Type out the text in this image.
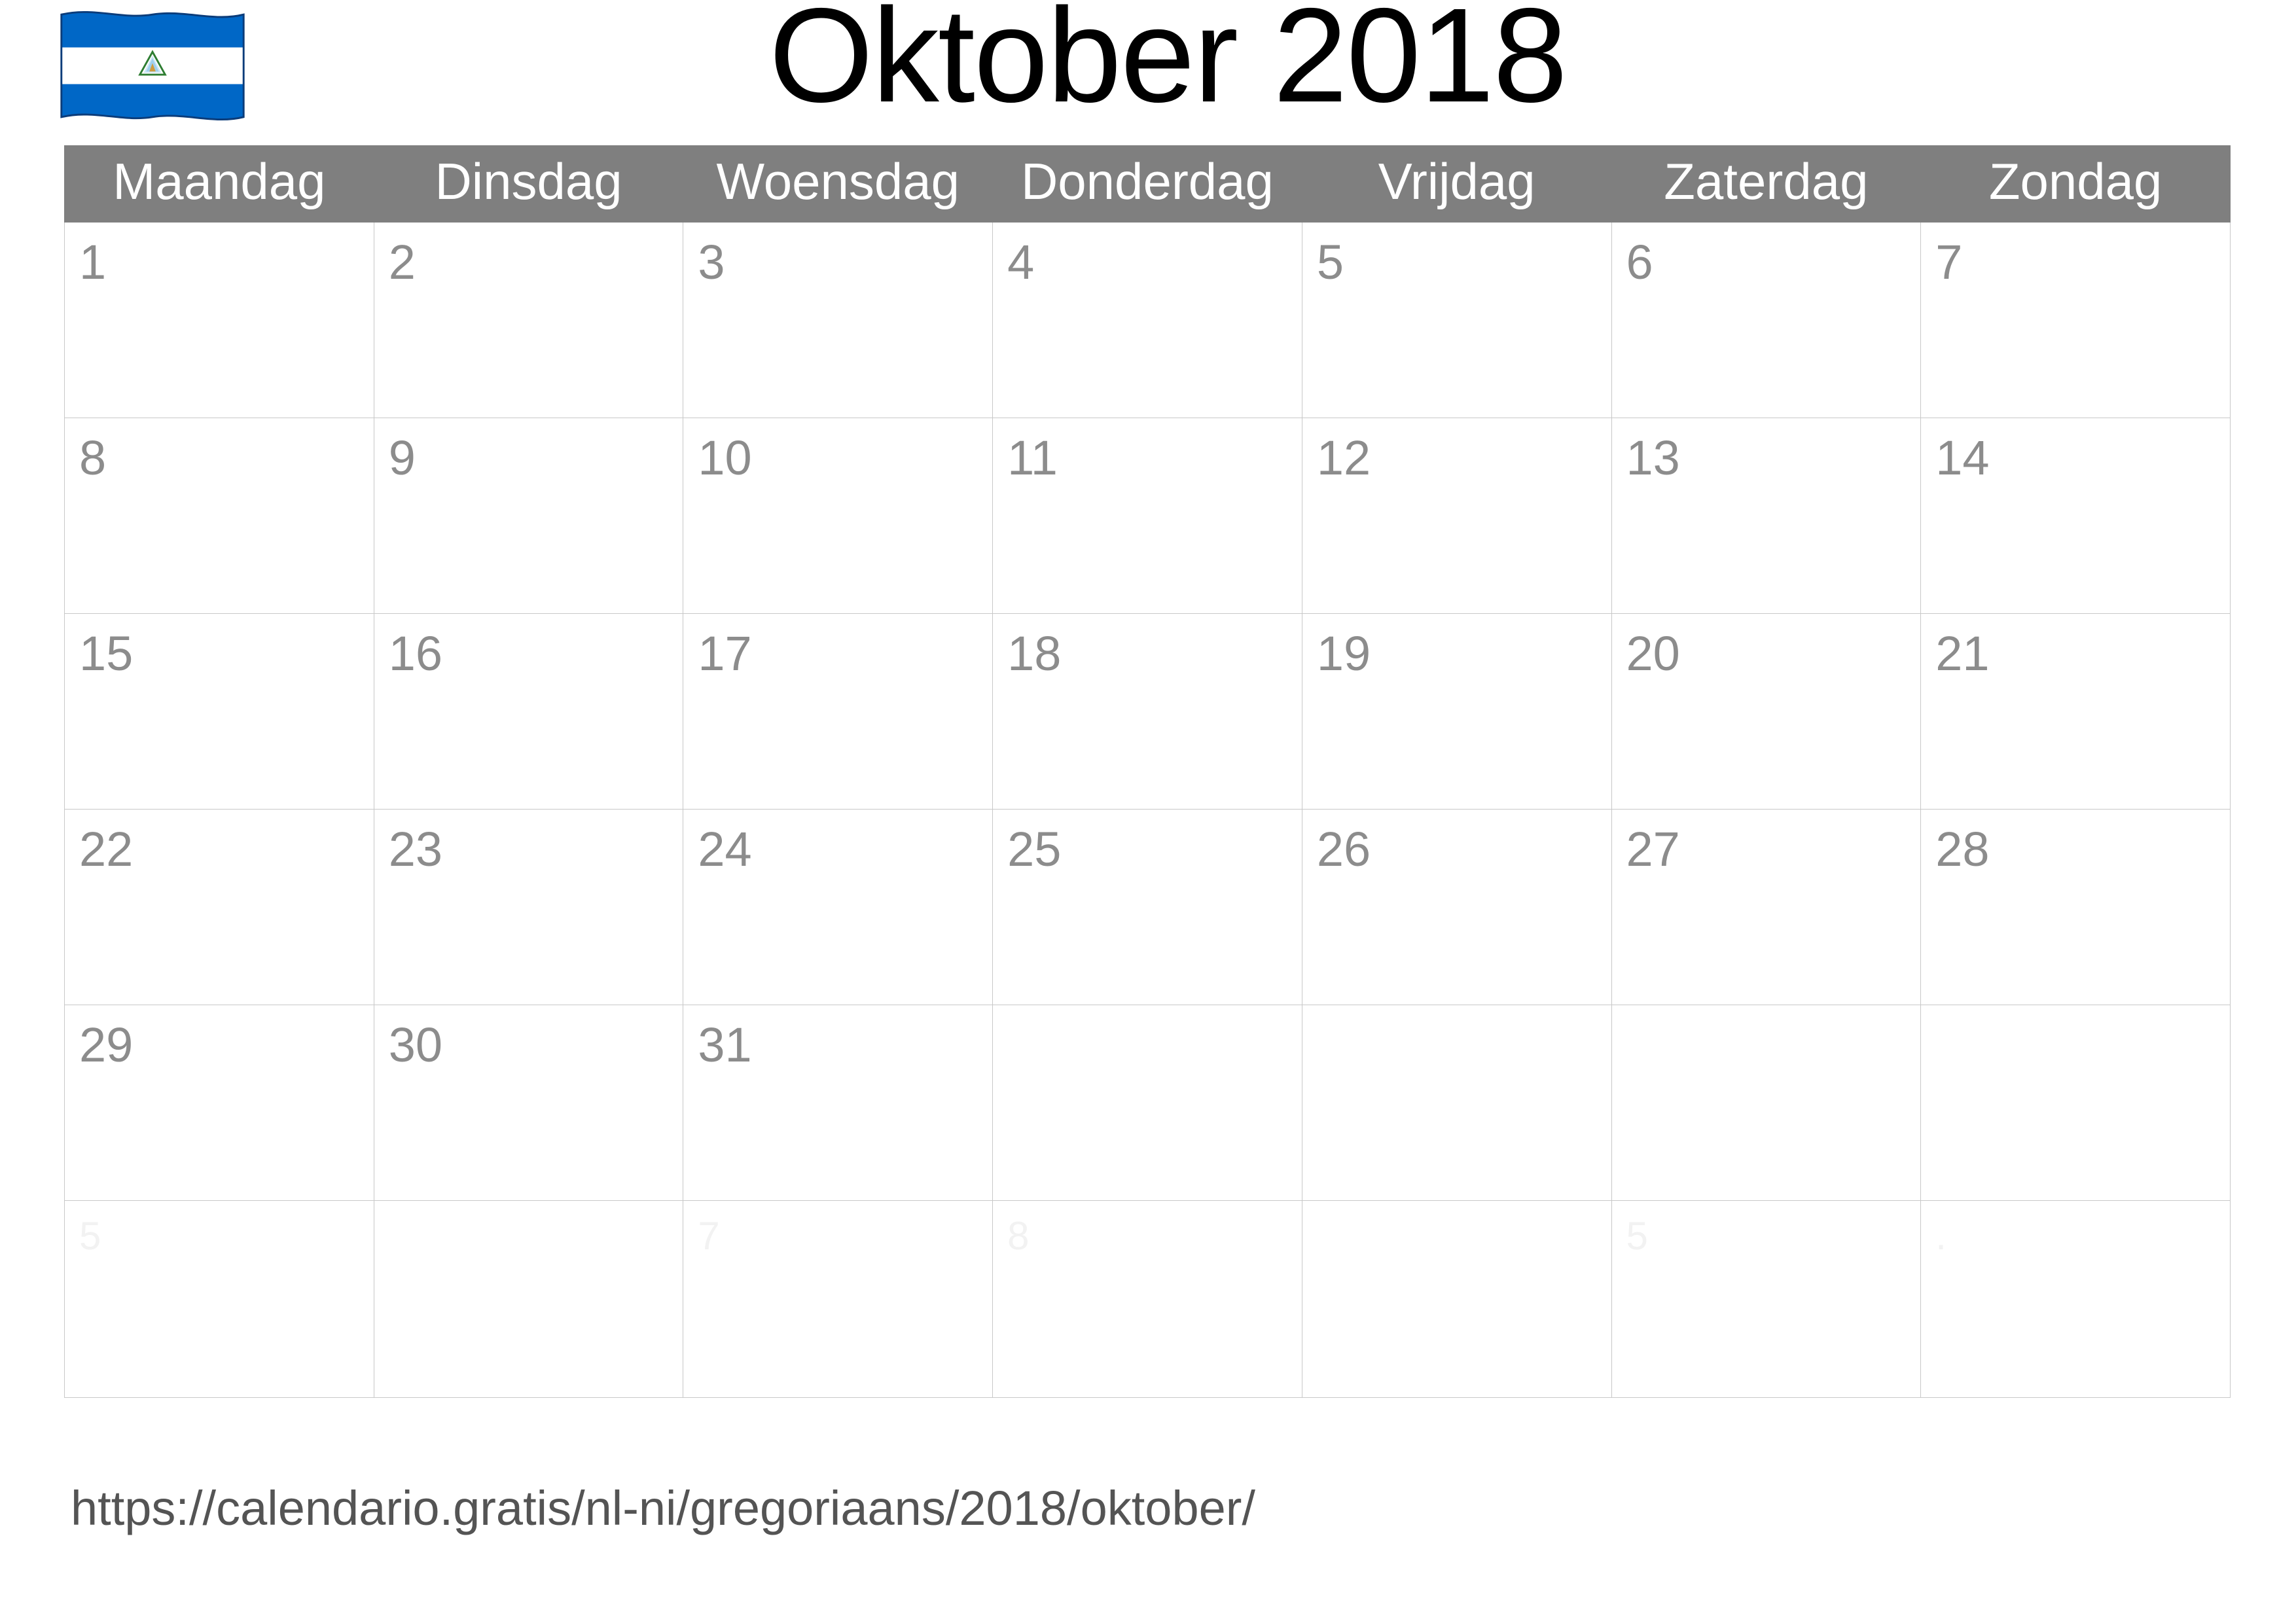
Oktober 2018
Maandag	Dinsdag	Woensdag	Donderdag	Vrijdag	Zaterdag	Zondag

1	2	3	4	5	6	7

8	9	10	11	12	13	14

15	16	17	18	19	20	21

22	23	24	25	26	27	28

29	30	31				

5		7	8		5	.
https://calendario.gratis/nl-ni/gregoriaans/2018/oktober/
